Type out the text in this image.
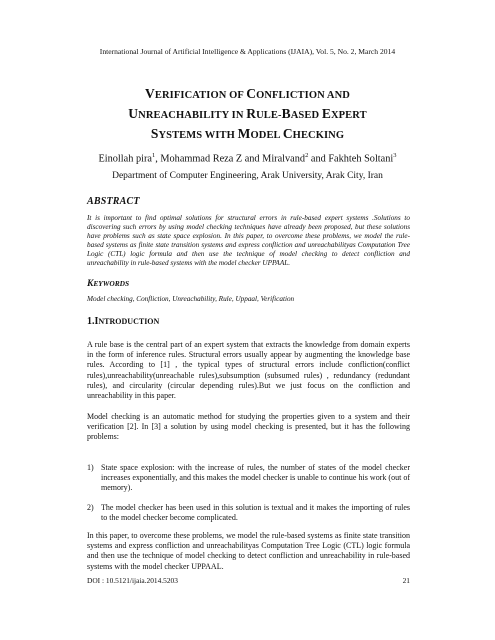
International Journal of Artificial Intelligence & Applications (IJAIA), Vol. 5, No. 2, March 2014
VERIFICATION OF CONFLICTION AND
UNREACHABILITY IN RULE-BASED EXPERT
SYSTEMS WITH MODEL CHECKING
Einollah pira$^1$, Mohammad Reza Z and Miralvand$^2$ and Fakhteh Soltani$^3$
Department of Computer Engineering, Arak University, Arak City, Iran
ABSTRACT
It is important to find optimal solutions for structural errors in rule-based expert systems .Solutions to discovering such errors by using model checking techniques have already been proposed, but these solutions have problems such as state space explosion. In this paper, to overcome these problems, we model the rule-based systems as finite state transition systems and express confliction and unreachabilityas Computation Tree Logic (CTL) logic formula and then use the technique of model checking to detect confliction and unreachability in rule-based systems with the model checker UPPAAL.
KEYWORDS
Model checking, Confliction, Unreachability, Rule, Uppaal, Verification
1.INTRODUCTION
A rule base is the central part of an expert system that extracts the knowledge from domain experts in the form of inference rules. Structural errors usually appear by augmenting the knowledge base rules. According to [1] , the typical types of structural errors include confliction(conflict rules),unreachability(unreachable rules),subsumption (subsumed rules) , redundancy (redundant rules), and circularity (circular depending rules).But we just focus on the confliction and unreachability in this paper.
Model checking is an automatic method for studying the properties given to a system and their verification [2]. In [3] a solution by using model checking is presented, but it has the following problems:
1) State space explosion: with the increase of rules, the number of states of the model checker increases exponentially, and this makes the model checker is unable to continue his work (out of memory).
2) The model checker has been used in this solution is textual and it makes the importing of rules to the model checker become complicated.
In this paper, to overcome these problems, we model the rule-based systems as finite state transition systems and express confliction and unreachabilityas Computation Tree Logic (CTL) logic formula and then use the technique of model checking to detect confliction and unreachability in rule-based systems with the model checker UPPAAL.
DOI : 10.5121/ijaia.2014.5203	21
